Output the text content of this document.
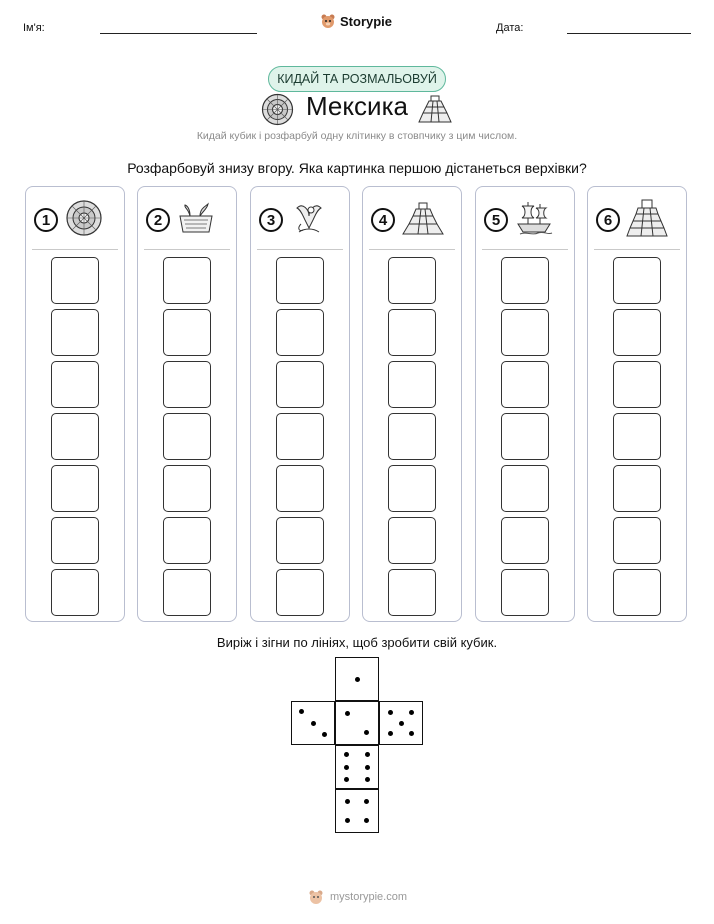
Ім'я:	Storypie	Дата:
КИДАЙ ТА РОЗМАЛЬОВУЙ
Мексика
Кидай кубик і розфарбуй одну клітинку в стовпчику з цим числом.
Розфарбовуй знизу вгору. Яка картинка першою дістанеться верхівки?
1	2	3	4	5	6
Виріж і зігни по лініях, щоб зробити свій кубик.
mystorypie.com
